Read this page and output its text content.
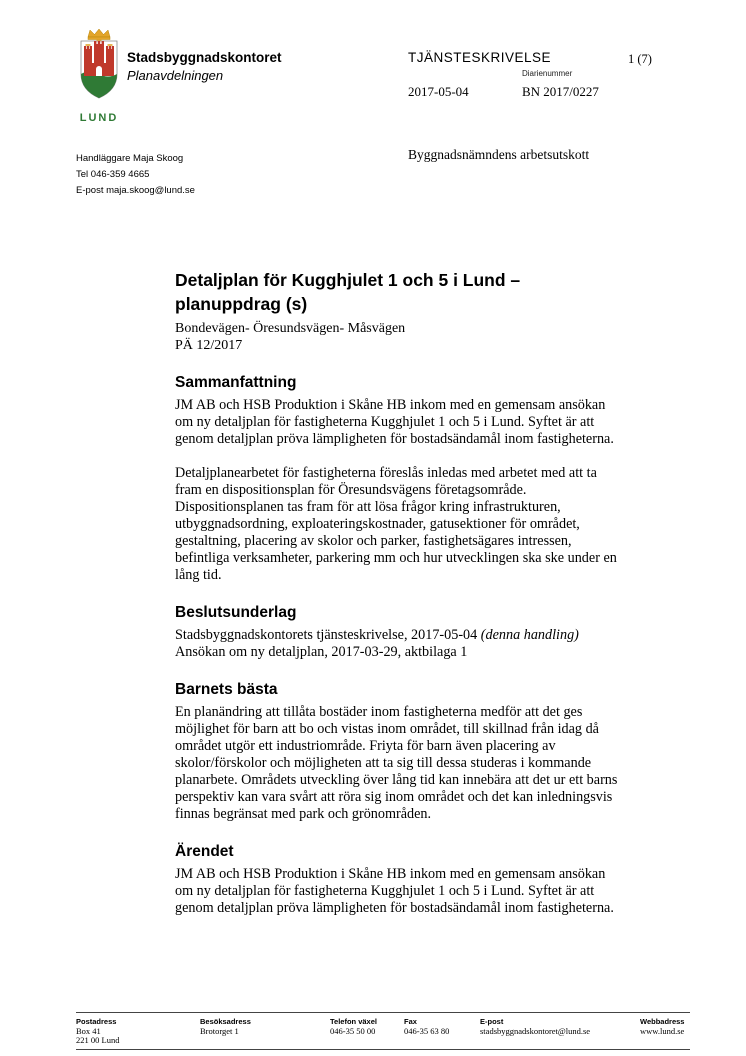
LUND
Stadsbyggnadskontoret
Planavdelningen
TJÄNSTESKRIVELSE	1 (7)
Diarienummer
2017-05-04	BN 2017/0227
Handläggare Maja Skoog
Tel 046-359 4665
E-post maja.skoog@lund.se
Byggnadsnämndens arbetsutskott
Detaljplan för Kugghjulet 1 och 5 i Lund – planuppdrag (s)
Bondevägen- Öresundsvägen- Måsvägen
PÄ 12/2017
Sammanfattning

JM AB och HSB Produktion i Skåne HB inkom med en gemensam ansökan om ny detaljplan för fastigheterna Kugghjulet 1 och 5 i Lund. Syftet är att genom detaljplan pröva lämpligheten för bostadsändamål inom fastigheterna.

Detaljplanearbetet för fastigheterna föreslås inledas med arbetet med att ta fram en dispositionsplan för Öresundsvägens företagsområde. Dispositionsplanen tas fram för att lösa frågor kring infrastrukturen, utbyggnadsordning, exploateringskostnader, gatusektioner för området, gestaltning, placering av skolor och parker, fastighetsägares intressen, befintliga verksamheter, parkering mm och hur utvecklingen ska ske under en lång tid.

Beslutsunderlag
Stadsbyggnadskontorets tjänsteskrivelse, 2017-05-04 (denna handling)
Ansökan om ny detaljplan, 2017-03-29, aktbilaga 1
Barnets bästa

En planändring att tillåta bostäder inom fastigheterna medför att det ges möjlighet för barn att bo och vistas inom området, till skillnad från idag då området utgör ett industriområde. Friyta för barn även placering av skolor/förskolor och möjligheten att ta sig till dessa studeras i kommande planarbete. Områdets utveckling över lång tid kan innebära att det ur ett barns perspektiv kan vara svårt att röra sig inom området och det kan inledningsvis finnas begränsat med park och grönområden.

Ärendet

JM AB och HSB Produktion i Skåne HB inkom med en gemensam ansökan om ny detaljplan för fastigheterna Kugghjulet 1 och 5 i Lund. Syftet är att genom detaljplan pröva lämpligheten för bostadsändamål inom fastigheterna.

Postadress
Box 41
221 00 Lund
Besöksadress
Brotorget 1
Telefon växel
046-35 50 00
Fax
046-35 63 80
E-post
stadsbyggnadskontoret@lund.se
Webbadress
www.lund.se
